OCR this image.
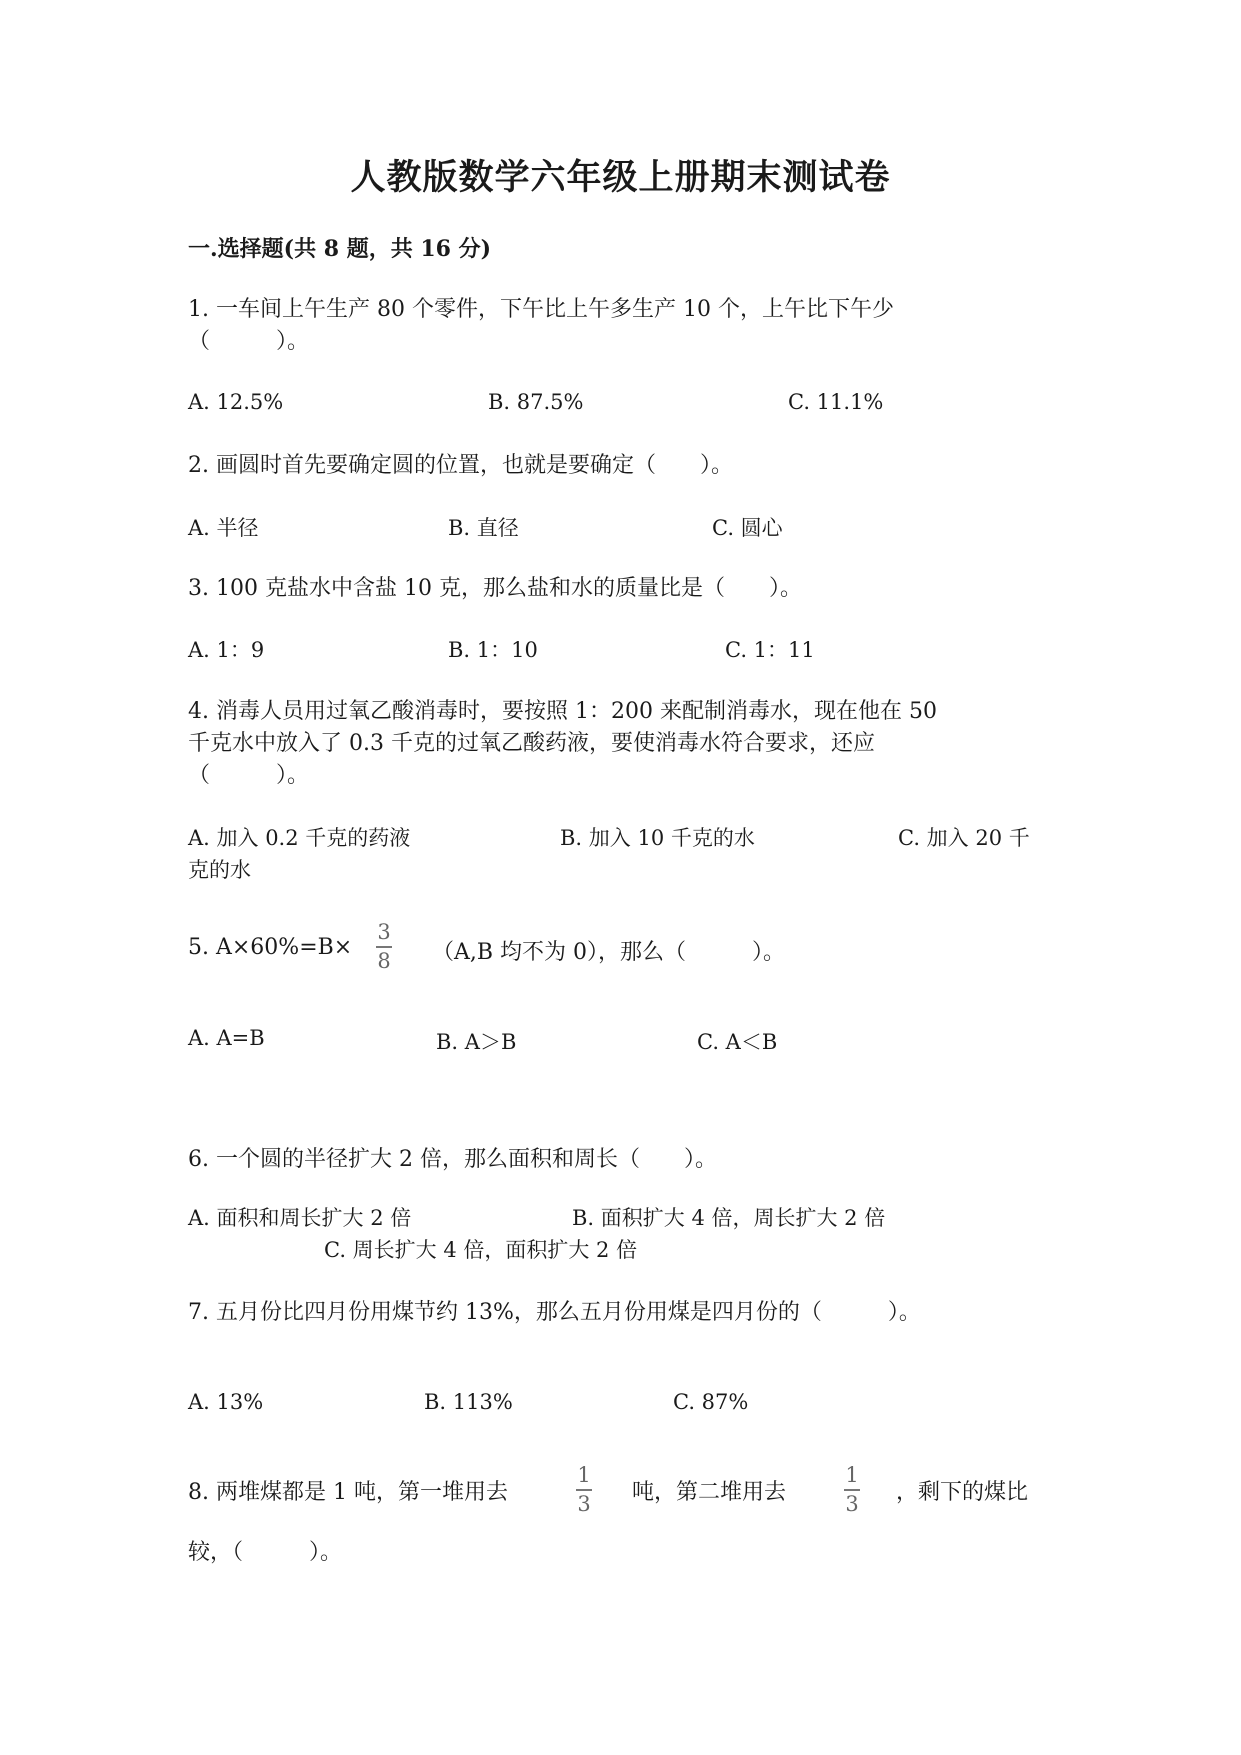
人教版数学六年级上册期末测试卷
一.选择题(共 8 题，共 16 分)
1. 一车间上午生产 80 个零件，下午比上午多生产 10 个，上午比下午少
（　　　）。
A. 12.5%	B. 87.5%	C. 11.1%
2. 画圆时首先要确定圆的位置，也就是要确定（　　）。
A. 半径	B. 直径	C. 圆心
3. 100 克盐水中含盐 10 克，那么盐和水的质量比是（　　）。
A. 1：9	B. 1：10	C. 1：11
4. 消毒人员用过氧乙酸消毒时，要按照 1：200 来配制消毒水，现在他在 50
千克水中放入了 0.3 千克的过氧乙酸药液，要使消毒水符合要求，还应
（　　　）。
A. 加入 0.2 千克的药液	B. 加入 10 千克的水	C. 加入 20 千
克的水
5. A×60%=B×
3
8 （A,B 均不为 0），那么（　　　）。
A. A=B	B. A＞B	C. A＜B
6. 一个圆的半径扩大 2 倍，那么面积和周长（　　）。
A. 面积和周长扩大 2 倍	B. 面积扩大 4 倍，周长扩大 2 倍
C. 周长扩大 4 倍，面积扩大 2 倍
7. 五月份比四月份用煤节约 13%，那么五月份用煤是四月份的（　　　）。
A. 13%	B. 113%	C. 87%
8. 两堆煤都是 1 吨，第一堆用去
1
3 吨，第二堆用去
1
3 ，剩下的煤比
较，（　　　）。
